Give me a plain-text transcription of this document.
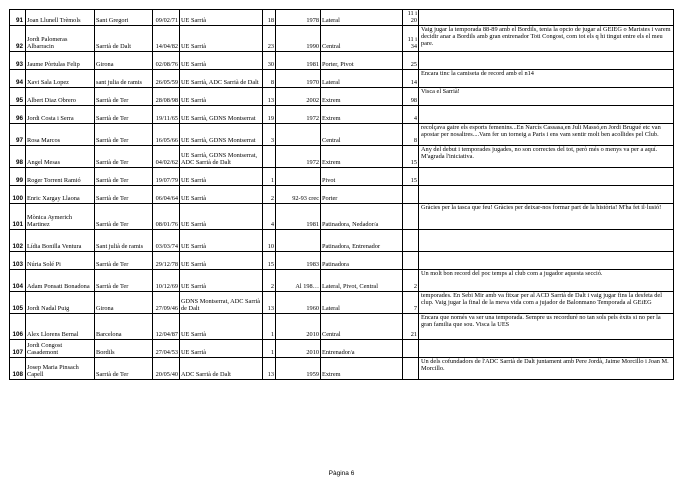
91	Joan Llunell Trèmols	Sant Gregori	09/02/71	UE Sarrià	18	1978	Lateral	11 i 20	
92	Jordi Palomeras Albarracin	Sarrià de Dalt	14/04/82	UE Sarrià	23	1990	Central	11 i 34	Vaig jugar la temporada 88-89 amb el Bordils, tenia la opcio de jugar al GEIEG o Maristes i varem decidir anar a Bordils amb gran entrenador Toti Congost, com tot els q hi tingut entre els el meu pare.
93	Jaume Pòrtulas Felip	Girona	02/08/76	UE Sarrià	30	1981	Porter, Pivot	25	
94	Xavi Sala Lopez	sant julia de ramis	26/05/59	UE Sarrià, ADC Sarrià de Dalt	8	1970	Lateral	14	Encara tinc la camiseta de record amb el n14
95	Albert Diaz Obrero	Sarrià de Ter	28/08/98	UE Sarrià	13	2002	Extrem	98	Visca el Sarrià!
96	Jordi Costa i Serra	Sarrià de Ter	19/11/65	UE Sarrià, GDNS Montserrat	19	1972	Extrem	4	
97	Rosa Marcos	Sarrià de Ter	16/05/66	UE Sarrià, GDNS Montserrat	3		Central	8	recolçava gaire els esports femenins...En Narcís Cassasa,en Juli Massó,en Jordi Brugué etc van apostar per nosaltres....Vam fer un torneig a Paris i ens vam sentir molt ben acollides pel Club.
98	Angel Mesas	Sarrià de Ter	04/02/62	UE Sarrià, GDNS Montserrat, ADC Sarrià de Dalt		1972	Extrem	15	Any del debut i temporades jugades, no son correctes del tot, però més o menys va per a aquí. M'agrada l'iniciativa.
99	Roger Torrent Ramió	Sarrià de Ter	19/07/79	UE Sarrià	1		Pivot	15	
100	Enric Xargay Llaona	Sarrià de Ter	06/04/64	UE Sarrià	2	92-93 crec	Porter		
101	Mònica Aymerich Martinez	Sarrià de Ter	08/01/76	UE Sarrià	4	1981	Patinadora, Nedador/a		Gràcies per la tasca que feu! Gràcies per deixar-nos formar part de la història! M'ha fet il·lusió!
102	Lídia Bonilla Ventura	Sant julià de ramis	03/03/74	UE Sarrià	10		Patinadora, Entrenador		
103	Núria Solé Pi	Sarrià de Ter	29/12/78	UE Sarrià	15	1983	Patinadora		
104	Adam Ponsati Bonadona	Sarrià de Ter	10/12/69	UE Sarrià	2	Al 198…	Lateral, Pivot, Central	2	Un molt bon record del poc temps al club com a jugador aquesta secció.
105	Jordi Nadal Puig	Girona	27/09/46	GDNS Montserrat, ADC Sarrià de Dalt	13	1960	Lateral	7	temporades. En Sebi Mir amb va fitxar per al ACD Sarrià de Dalt i vaig jugar fins la desfeta del clup. Vaig jugar la final de la meva vida com a jujador de Balonmano Temporada al GEiEG
106	Alex Llorens Bernal	Barcelona	12/04/87	UE Sarrià	1	2010	Central	21	Encara que només va ser una temporada. Sempre us recorduré no tan sols pels èxits si no per la gran familia que sou. Visca la UES
107	Jordi Congost Casademont	Bordils	27/04/53	UE Sarrià	1	2010	Entrenador/a		
108	Josep Maria Pinsach Capell	Sarrià de Ter	20/05/40	ADC Sarrià de Dalt	13	1959	Extrem		Un dels cofundadors de l'ADC Sarrià de Dalt juntament amb Pere Jordà, Jaime Morcillo i Joan M. Morcillo.
Pàgina 6
